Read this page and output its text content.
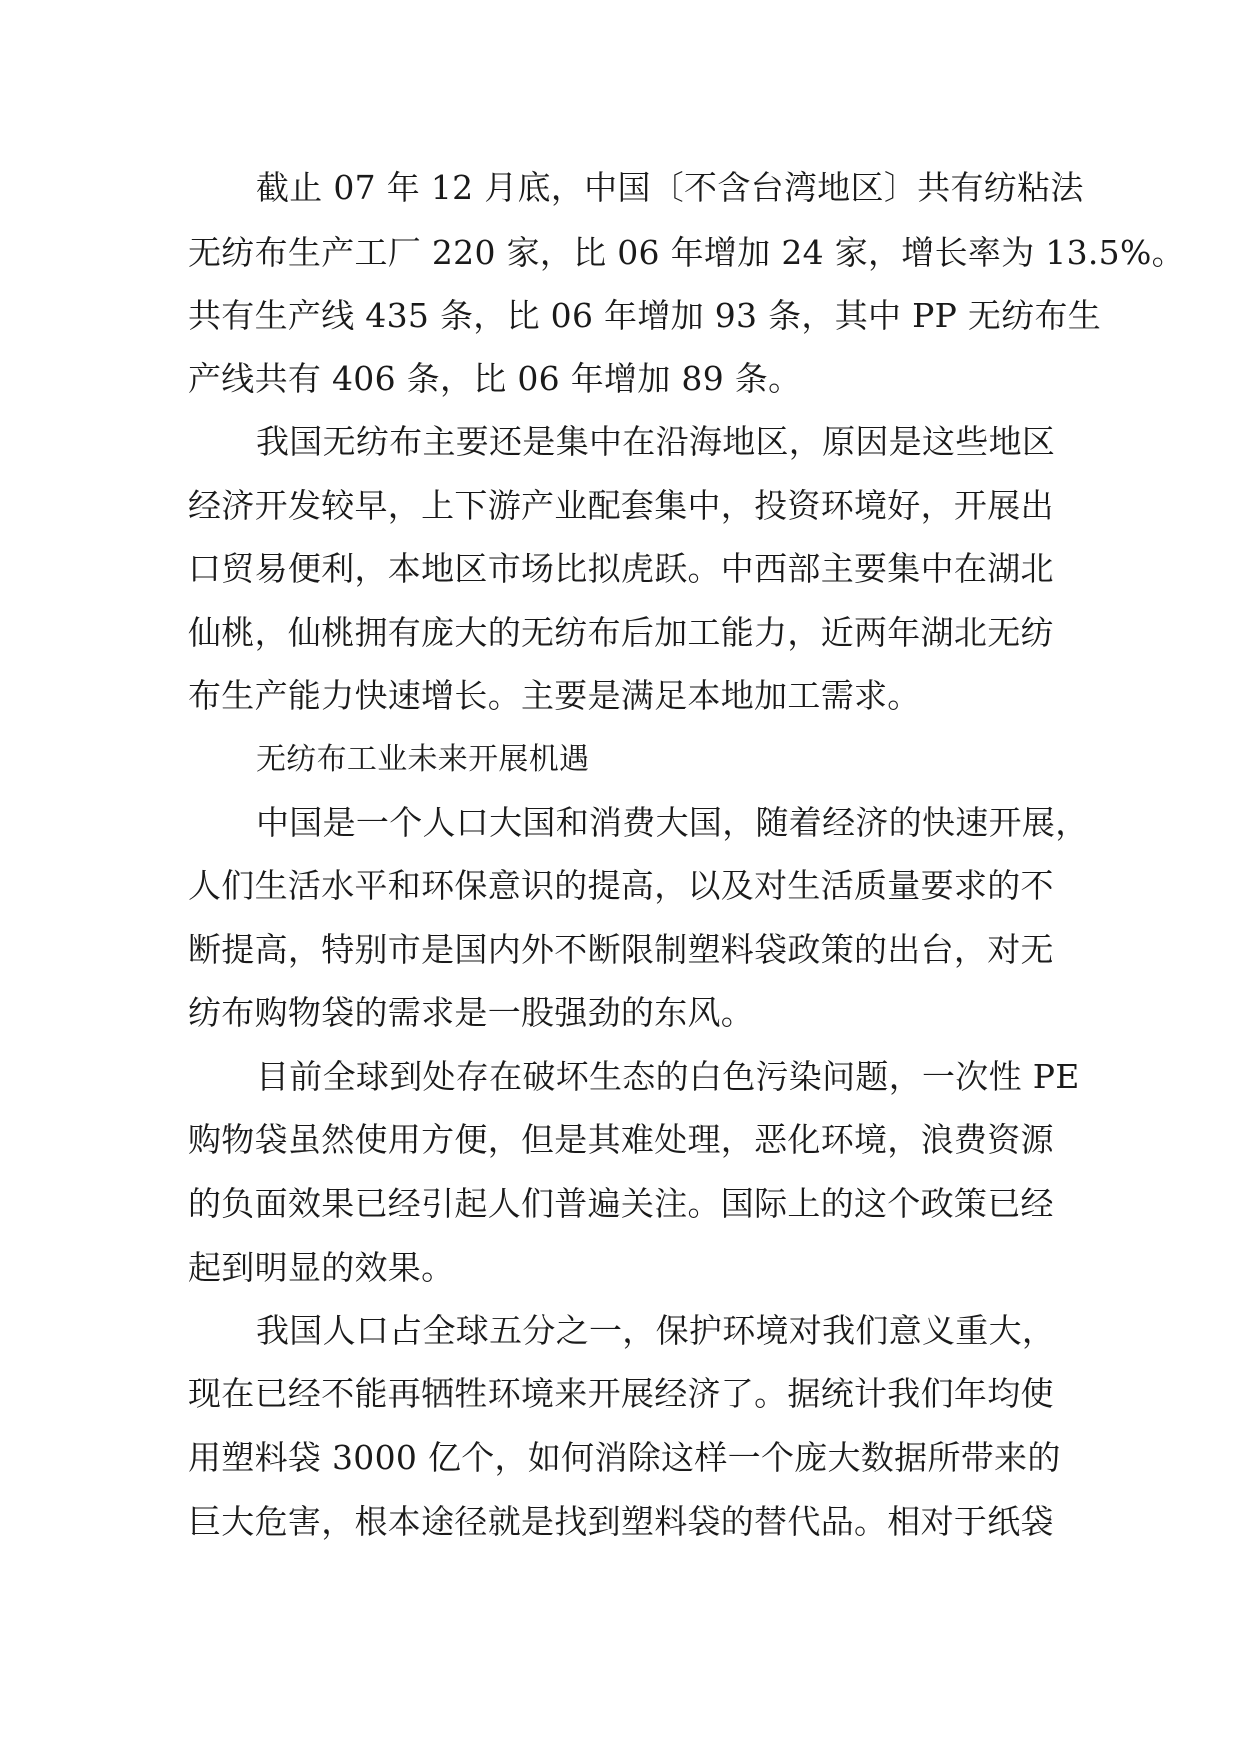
截止 07 年 12 月底，中国〔不含台湾地区〕共有纺粘法
无纺布生产工厂 220 家，比 06 年增加 24 家，增长率为 13.5%。
共有生产线 435 条，比 06 年增加 93 条，其中 PP 无纺布生
产线共有 406 条，比 06 年增加 89 条。
我国无纺布主要还是集中在沿海地区，原因是这些地区
经济开发较早，上下游产业配套集中，投资环境好，开展出
口贸易便利，本地区市场比拟虎跃。中西部主要集中在湖北
仙桃，仙桃拥有庞大的无纺布后加工能力，近两年湖北无纺
布生产能力快速增长。主要是满足本地加工需求。
无纺布工业未来开展机遇
中国是一个人口大国和消费大国，随着经济的快速开展，
人们生活水平和环保意识的提高，以及对生活质量要求的不
断提高，特别市是国内外不断限制塑料袋政策的出台，对无
纺布购物袋的需求是一股强劲的东风。
目前全球到处存在破坏生态的白色污染问题，一次性 PE
购物袋虽然使用方便，但是其难处理，恶化环境，浪费资源
的负面效果已经引起人们普遍关注。国际上的这个政策已经
起到明显的效果。
我国人口占全球五分之一，保护环境对我们意义重大，
现在已经不能再牺牲环境来开展经济了。据统计我们年均使
用塑料袋 3000 亿个，如何消除这样一个庞大数据所带来的
巨大危害，根本途径就是找到塑料袋的替代品。相对于纸袋
